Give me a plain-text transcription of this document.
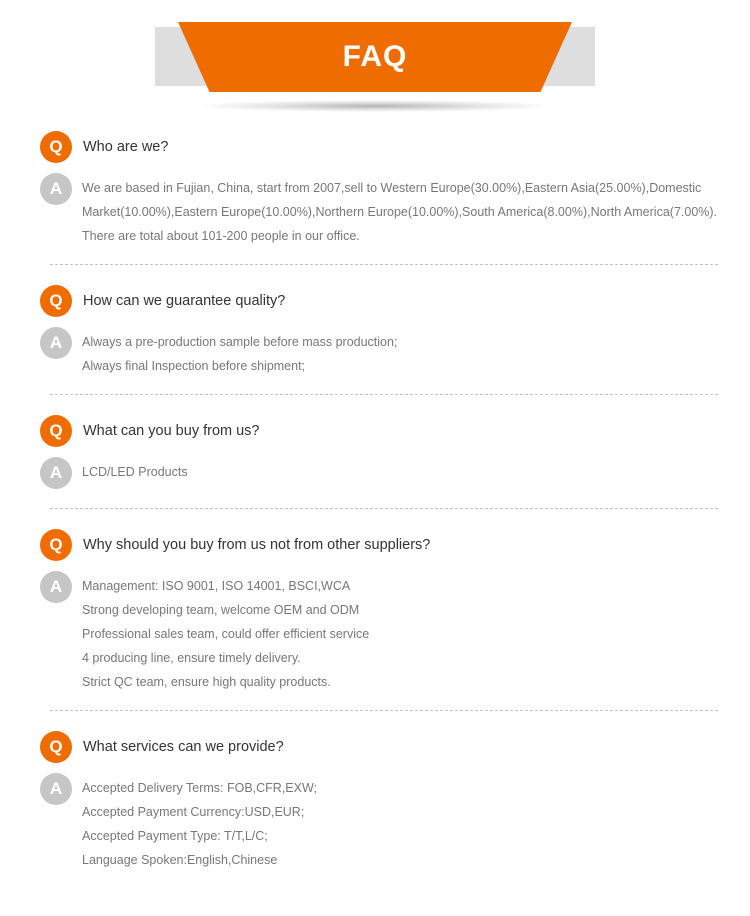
FAQ
Q	Who are we?
A	We are based in Fujian, China, start from 2007,sell to Western Europe(30.00%),Eastern Asia(25.00%),Domestic
Market(10.00%),Eastern Europe(10.00%),Northern Europe(10.00%),South America(8.00%),North America(7.00%).
There are total about 101-200 people in our office.
Q	How can we guarantee quality?
A	Always a pre-production sample before mass production;
Always final Inspection before shipment;
Q	What can you buy from us?
A	LCD/LED Products
Q	Why should you buy from us not from other suppliers?
A	Management: ISO 9001, ISO 14001, BSCI,WCA
Strong developing team, welcome OEM and ODM
Professional sales team, could offer efficient service
4 producing line, ensure timely delivery.
Strict QC team, ensure high quality products.
Q	What services can we provide?
A	Accepted Delivery Terms: FOB,CFR,EXW;
Accepted Payment Currency:USD,EUR;
Accepted Payment Type: T/T,L/C;
Language Spoken:English,Chinese
